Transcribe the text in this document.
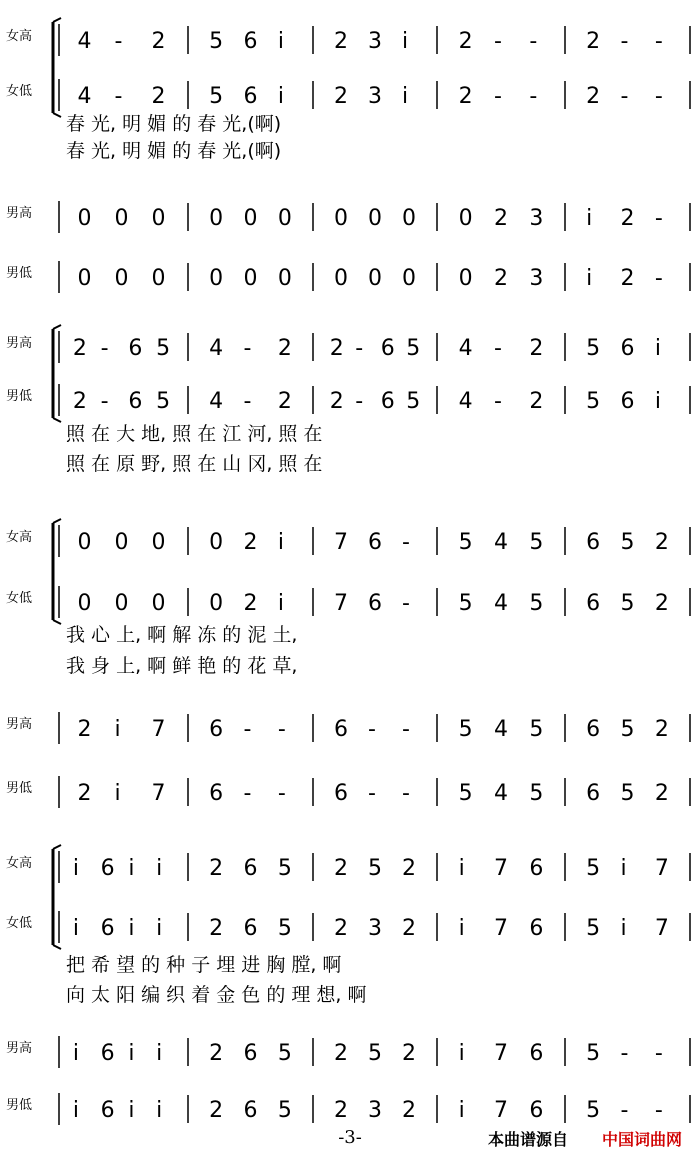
女高 4 - 2 5 6 i 2 3 i 2 - - 2 - -
女低 4 - 2 5 6 i 2 3 i 2 - - 2 - -
春 光, 明 媚 的 春 光,(啊)
春 光, 明 媚 的 春 光,(啊)
男高 0 0 0 0 0 0 0 0 0 0 2 3 i 2 -
男低 0 0 0 0 0 0 0 0 0 0 2 3 i 2 -
男高 2 - 6 5 4 - 2 2 - 6 5 4 - 2 5 6 i
男低 2 - 6 5 4 - 2 2 - 6 5 4 - 2 5 6 i
照 在 大 地, 照 在 江 河, 照 在
照 在 原 野, 照 在 山 冈, 照 在
女高 0 0 0 0 2 i 7 6 - 5 4 5 6 5 2
女低 0 0 0 0 2 i 7 6 - 5 4 5 6 5 2
我 心 上, 啊 解 冻 的 泥 土,
我 身 上, 啊 鲜 艳 的 花 草,
男高 2 i 7 6 - - 6 - - 5 4 5 6 5 2
男低 2 i 7 6 - - 6 - - 5 4 5 6 5 2
女高 i 6 i i 2 6 5 2 5 2 i 7 6 5 i 7
女低 i 6 i i 2 6 5 2 3 2 i 7 6 5 i 7
把 希 望 的 种 子 埋 进 胸 膛, 啊
向 太 阳 编 织 着 金 色 的 理 想, 啊
男高 i 6 i i 2 6 5 2 5 2 i 7 6 5 - -
男低 i 6 i i 2 6 5 2 3 2 i 7 6 5 - -
-3-	本曲谱源自 中国词曲网
